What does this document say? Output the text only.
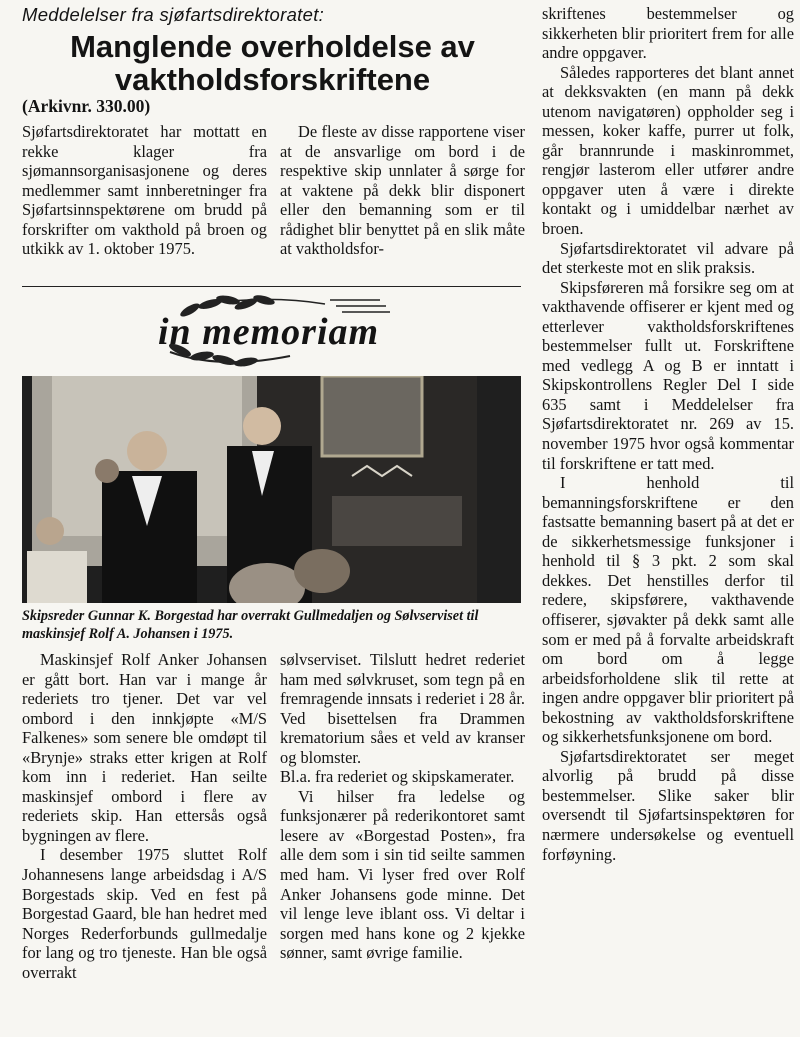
Meddelelser fra sjøfartsdirektoratet:
Manglende overholdelse av
vaktholdsforskriftene
(Arkivnr. 330.00)

Sjøfartsdirektoratet har mottatt en rekke klager fra sjømannsorganisasjonene og deres medlemmer samt innberetninger fra Sjøfartsinnspektørene om brudd på forskrifter om vakthold på broen og utkikk av 1. oktober 1975.

De fleste av disse rapportene viser at de ansvarlige om bord i de respektive skip unnlater å sørge for at vaktene på dekk blir disponert eller den bemanning som er til rådighet blir benyttet på en slik måte at vaktholdsfor-

skriftenes bestemmelser og sikkerheten blir prioritert frem for alle andre oppgaver.

Således rapporteres det blant annet at dekksvakten (en mann på dekk utenom navigatøren) oppholder seg i messen, koker kaffe, purrer ut folk, går brannrunde i maskinrommet, rengjør lasterom eller utfører andre oppgaver uten å være i direkte kontakt og i umiddelbar nærhet av broen.

Sjøfartsdirektoratet vil advare på det sterkeste mot en slik praksis.

Skipsføreren må forsikre seg om at vakthavende offiserer er kjent med og etterlever vaktholdsforskriftenes bestemmelser fullt ut. Forskriftene med vedlegg A og B er inntatt i Skipskontrollens Regler Del I side 635 samt i Meddelelser fra Sjøfartsdirektoratet nr. 269 av 15. november 1975 hvor også kommentar til forskriftene er tatt med.

I henhold til bemanningsforskriftene er den fastsatte bemanning basert på at det er de sikkerhetsmessige funksjoner i henhold til § 3 pkt. 2 som skal dekkes. Det henstilles derfor til redere, skipsførere, vakthavende offiserer, sjøvakter på dekk samt alle som er med på å forvalte arbeidskraft om bord om å legge arbeidsforholdene slik til rette at ingen andre oppgaver blir prioritert på bekostning av vaktholdsforskriftene og sikkerhetsfunksjonene om bord.

Sjøfartsdirektoratet ser meget alvorlig på brudd på disse bestemmelser. Slike saker blir oversendt til Sjøfartsinspektøren for nærmere undersøkelse og eventuell forføyning.

in memoriam
Skipsreder Gunnar K. Borgestad har overrakt Gullmedaljen og Sølvserviset til maskinsjef Rolf A. Johansen i 1975.

Maskinsjef Rolf Anker Johansen er gått bort. Han var i mange år rederiets tro tjener. Det var vel ombord i den innkjøpte «M/S Falkenes» som senere ble omdøpt til «Brynje» straks etter krigen at Rolf kom inn i rederiet. Han seilte maskinsjef ombord i flere av rederiets skip. Han ettersås også bygningen av flere.

I desember 1975 sluttet Rolf Johannesens lange arbeidsdag i A/S Borgestads skip. Ved en fest på Borgestad Gaard, ble han hedret med Norges Rederforbunds gullmedalje for lang og tro tjeneste. Han ble også overrakt

sølvserviset. Tilslutt hedret rederiet ham med sølvkruset, som tegn på en fremragende innsats i rederiet i 28 år. Ved bisettelsen fra Drammen krematorium såes et veld av kranser og blomster.

Bl.a. fra rederiet og skipskamerater.

Vi hilser fra ledelse og funksjonærer på rederikontoret samt lesere av «Borgestad Posten», fra alle dem som i sin tid seilte sammen med ham. Vi lyser fred over Rolf Anker Johansens gode minne. Det vil lenge leve iblant oss. Vi deltar i sorgen med hans kone og 2 kjekke sønner, samt øvrige familie.
